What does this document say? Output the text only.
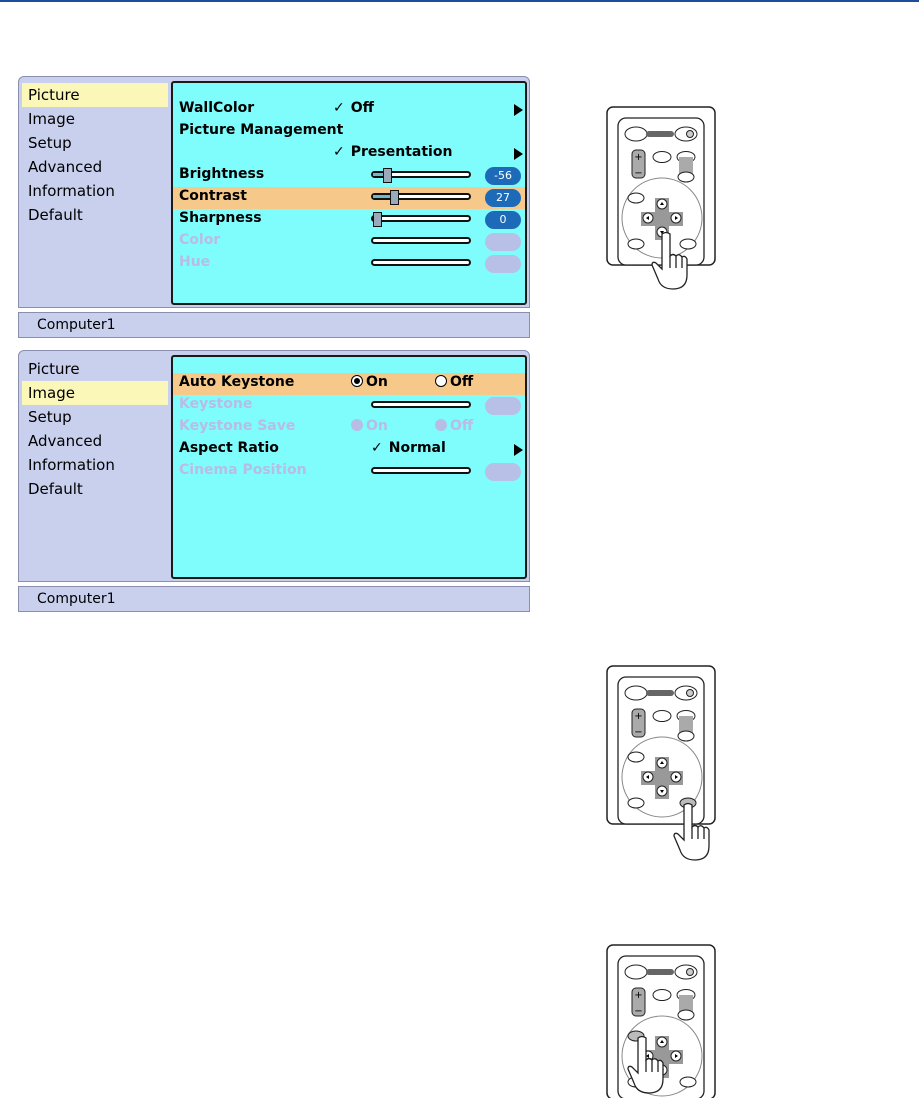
Picture
Image
Setup
Advanced
Information
Default
WallColor	✓ Off
Picture Management
✓ Presentation
Brightness	-56
Contrast	27
Sharpness	0
Color
Hue
Computer1
Picture
Image
Setup
Advanced
Information
Default
Auto Keystone	On	Off
Keystone
Keystone Save	On	Off
Aspect Ratio	✓ Normal
Cinema Position
Computer1
+
−
+
−
+
−
